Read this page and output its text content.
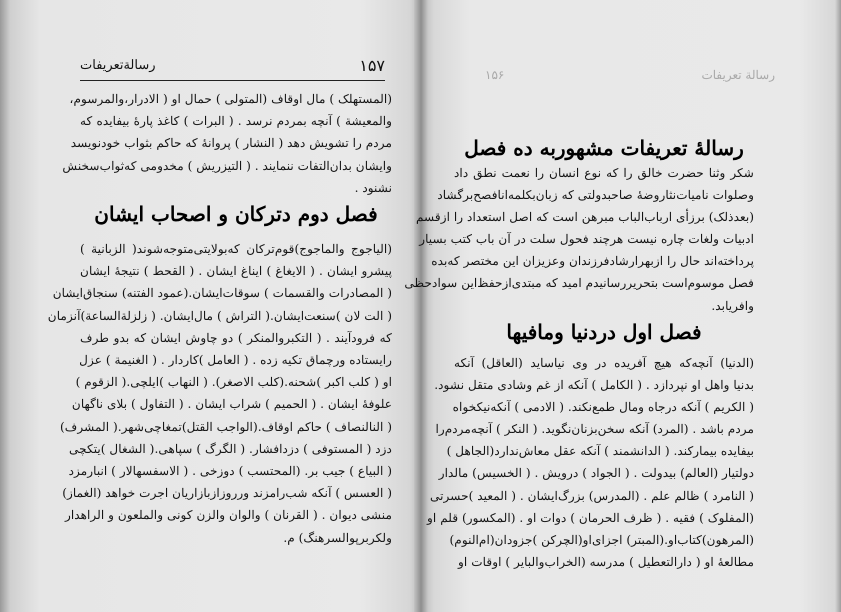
۱۵۷
رسالة‌تعريفات
(المستهلک ) مال اوقاف (المتولی ) حمال او ( الادرار،والمرسوم،
والمعيشة ) آنچه بمردم نرسد . ( البرات ) کاغذ پارهٔ بيفايده که
مردم را تشويش دهد ( النشار ) پروانهٔ که حاکم بثواب خودنويسد
وايشان بدان‌التفات ننمايند . ( التيزريش ) مخدومی که‌ثواب‌سخنش
نشنود .
فصل دوم دترکان و اصحاب ايشان
(الياجوج والماجوج)قوم‌ترکان که‌بولايتی‌متوجه‌شوند( الزبانية )
پيشرو ايشان . ( الايغاغ ) ايناغ ايشان . ( القحط ) نتيجهٔ ايشان
( المصادرات والقسمات ) سوقات‌ايشان.(عمود الفتنه) سنجاق‌ايشان
( الت لان )سنعت‌ايشان.( التراش ) مال‌ايشان. ( زلزلة‌الساعة)آنزمان
که فرودآيند . ( التکبروالمنکر ) دو چاوش ايشان که بدو طرف
رايستاده ورچماق تکيه زده . ( العامل )کاردار . ( الغنيمة ) عزل
او ( کلب اکبر )شحنه.(کلب الاصغر). ( النهاب )ايلچی.( الزقوم )
علوفهٔ ايشان . ( الحميم ) شراب ايشان . ( التفاول ) بلای ناگهان
( النالنصاف ) حاکم اوقاف.(الواجب القتل)تمغاچی‌شهر.( المشرف)
دزد ( المستوفی ) دزدافشار. ( الگرگ ) سپاهی.( الشغال )يتکچی
( البياع ) جيب بر. (المحتسب ) دوزخی . ( الاسفسهالار ) انبارمزد
( العسس ) آنکه شب‌رامزند ورروزازبازاريان اجرت خواهد (الغماز)
منشی ديوان . ( القرنان ) والوان والزن کونی والملعون و الراهدار
ولکربرپوالسرهنگ) م.
۱۵۶	رسالة تعريفات
رسالهٔ تعريفات مشهوربه ده فصل
شکر وثنا حضرت خالق را که نوع انسان را نعمت نطق داد
وصلوات ناميات‌نثاروضهٔ صاحبدولتی که زبان‌بکلمه‌انافصح‌برگشاد
(بعدذلک) برزأی ارباب‌الباب مبرهن است که اصل استعداد را ازقسم
ادبيات ولغات چاره نيست هرچند فحول سلت در آن باب کتب بسيار
پرداخته‌اند حال را ازبهرارشادفرزندان وعزيزان اين مختصر که‌بده
فصل موسوم‌است بتحريررسانيدم اميد که مبتدی‌ازحفظ‌اين سواد‌حظی
وافريابد.
فصل اول دردنيا ومافيها
(الدنيا) آنچه‌که هيچ آفريده در وی نياسايد (العاقل) آنکه
بدنيا واهل او نپردازد . ( الکامل ) آنکه از غم وشادی متقل نشود.
( الکريم ) آنکه درجاه ومال طمع‌نکند. ( الادمی ) آنکه‌نيکخواه
مردم باشد . (المرد) آنکه سخن‌بزنان‌نگويد. ( النکر ) آنچه‌مردم‌را
بيفايده بيمارکند. ( الدانشمند ) آنکه عقل معاش‌ندارد(الجاهل )
دولتيار (العالم) بيدولت . ( الجواد ) درويش . ( الخسيس) مالدار
( النامرد ) ظالم علم . (المدرس) بزرگ‌ايشان . ( المعيد )حسرتی
(المفلوک ) فقيه . ( ظرف الحرمان ) دوات او . (المکسور) قلم او
(المرهون)کتاب‌او.(المبتر) اجزای‌او(الچرکن )جزودان(ام‌النوم)
مطالعهٔ او ( دارالتعطيل ) مدرسه (الخراب‌والباير ) اوقات او
